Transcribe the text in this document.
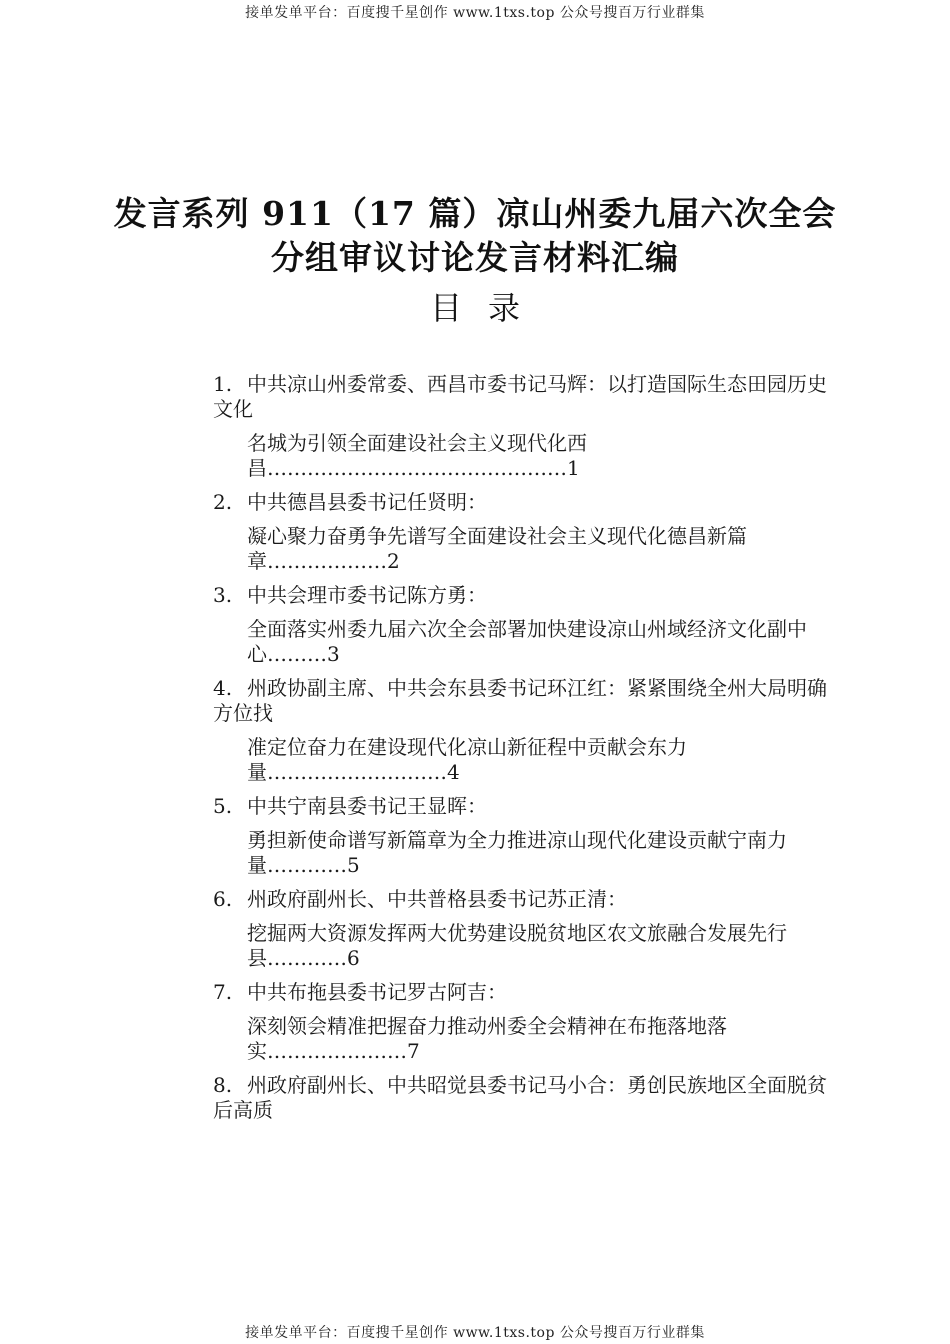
接单发单平台：百度搜千星创作 www.1txs.top 公众号搜百万行业群集
发言系列 911（17 篇）凉山州委九届六次全会
分组审议讨论发言材料汇编
目录

1. 中共凉山州委常委、西昌市委书记马辉：以打造国际生态田园历史文化

名城为引领全面建设社会主义现代化西昌………………………………………1

2. 中共德昌县委书记任贤明：

凝心聚力奋勇争先谱写全面建设社会主义现代化德昌新篇章………………2

3. 中共会理市委书记陈方勇：

全面落实州委九届六次全会部署加快建设凉山州域经济文化副中心………3

4. 州政协副主席、中共会东县委书记环江红：紧紧围绕全州大局明确方位找

准定位奋力在建设现代化凉山新征程中贡献会东力量………………………4

5. 中共宁南县委书记王显晖：

勇担新使命谱写新篇章为全力推进凉山现代化建设贡献宁南力量…………5

6. 州政府副州长、中共普格县委书记苏正清：

挖掘两大资源发挥两大优势建设脱贫地区农文旅融合发展先行县…………6

7. 中共布拖县委书记罗古阿吉：

深刻领会精准把握奋力推动州委全会精神在布拖落地落实…………………7

8. 州政府副州长、中共昭觉县委书记马小合：勇创民族地区全面脱贫后高质

接单发单平台：百度搜千星创作 www.1txs.top 公众号搜百万行业群集
